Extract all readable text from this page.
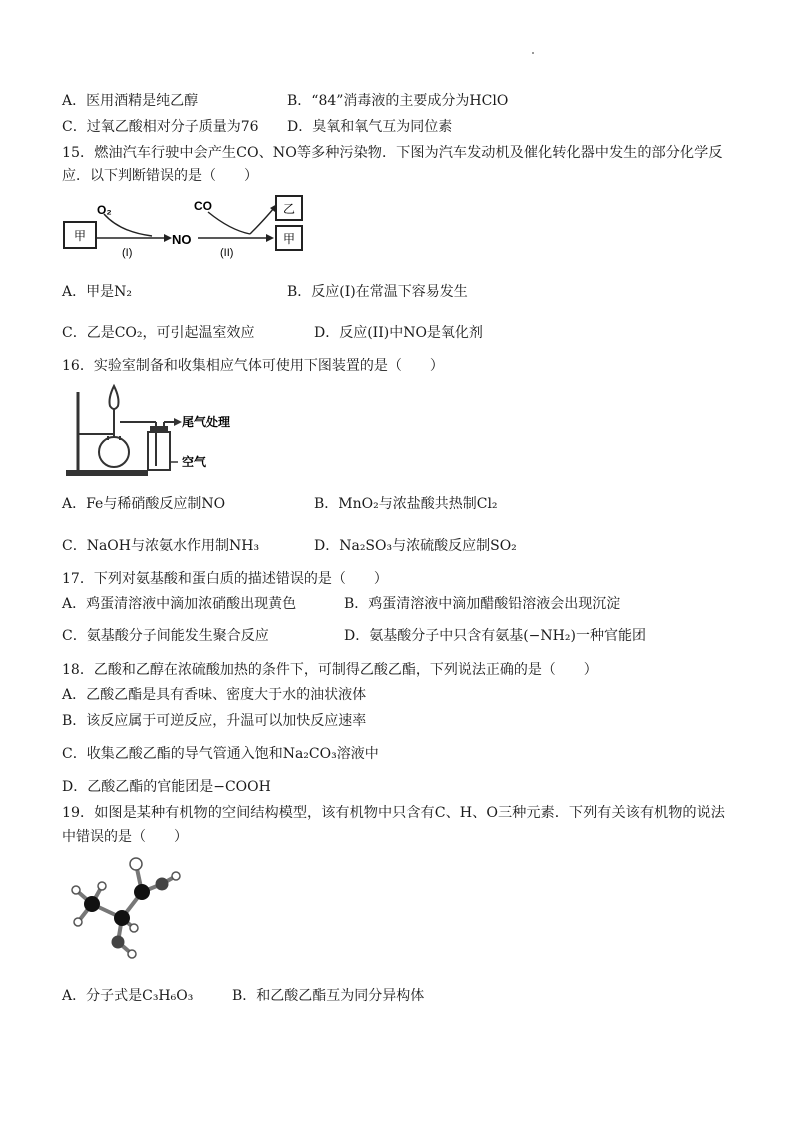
A．医用酒精是纯乙醇	B．“84”消毒液的主要成分为HClO
C．过氧乙酸相对分子质量为76 D．臭氧和氧气互为同位素
15．燃油汽车行驶中会产生CO、NO等多种污染物．下图为汽车发动机及催化转化器中发生的部分化学反
应．以下判断错误的是（　　）
甲
O₂
(I)
NO
CO
(II)
乙
甲
A．甲是N₂	B．反应(I)在常温下容易发生
C．乙是CO₂，可引起温室效应	D．反应(II)中NO是氧化剂
16．实验室制备和收集相应气体可使用下图装置的是（　　）
尾气处理
空气
A．Fe与稀硝酸反应制NO	B．MnO₂与浓盐酸共热制Cl₂
C．NaOH与浓氨水作用制NH₃	D．Na₂SO₃与浓硫酸反应制SO₂
17．下列对氨基酸和蛋白质的描述错误的是（　　）
A．鸡蛋清溶液中滴加浓硝酸出现黄色	B．鸡蛋清溶液中滴加醋酸铅溶液会出现沉淀
C．氨基酸分子间能发生聚合反应	D．氨基酸分子中只含有氨基(−NH₂)一种官能团
18．乙酸和乙醇在浓硫酸加热的条件下，可制得乙酸乙酯，下列说法正确的是（　　）
A．乙酸乙酯是具有香味、密度大于水的油状液体
B．该反应属于可逆反应，升温可以加快反应速率
C．收集乙酸乙酯的导气管通入饱和Na₂CO₃溶液中
D．乙酸乙酯的官能团是−COOH
19．如图是某种有机物的空间结构模型，该有机物中只含有C、H、O三种元素．下列有关该有机物的说法
中错误的是（　　）
A．分子式是C₃H₆O₃	B．和乙酸乙酯互为同分异构体
